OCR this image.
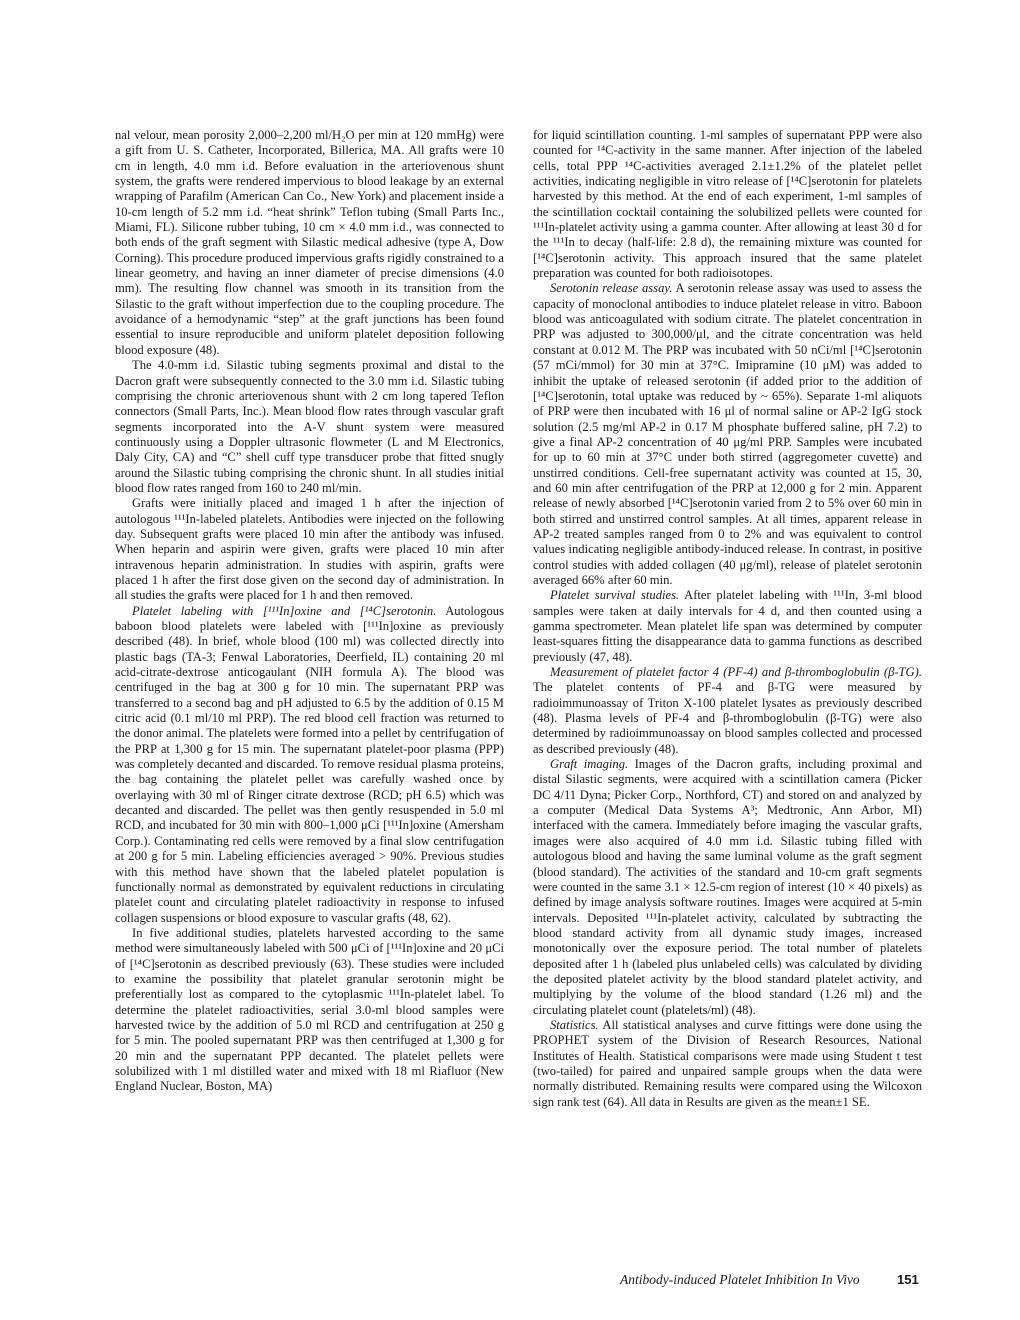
nal velour, mean porosity 2,000–2,200 ml/H₂O per min at 120 mmHg) were a gift from U. S. Catheter, Incorporated, Billerica, MA. All grafts were 10 cm in length, 4.0 mm i.d. Before evaluation in the arteriovenous shunt system, the grafts were rendered impervious to blood leakage by an external wrapping of Parafilm (American Can Co., New York) and placement inside a 10-cm length of 5.2 mm i.d. “heat shrink” Teflon tubing (Small Parts Inc., Miami, FL). Silicone rubber tubing, 10 cm × 4.0 mm i.d., was connected to both ends of the graft segment with Silastic medical adhesive (type A, Dow Corning). This procedure produced impervious grafts rigidly constrained to a linear geometry, and having an inner diameter of precise dimensions (4.0 mm). The resulting flow channel was smooth in its transition from the Silastic to the graft without imperfection due to the coupling procedure. The avoidance of a hemodynamic “step” at the graft junctions has been found essential to insure reproducible and uniform platelet deposition following blood exposure (48).

The 4.0-mm i.d. Silastic tubing segments proximal and distal to the Dacron graft were subsequently connected to the 3.0 mm i.d. Silastic tubing comprising the chronic arteriovenous shunt with 2 cm long tapered Teflon connectors (Small Parts, Inc.). Mean blood flow rates through vascular graft segments incorporated into the A-V shunt system were measured continuously using a Doppler ultrasonic flowmeter (L and M Electronics, Daly City, CA) and “C” shell cuff type transducer probe that fitted snugly around the Silastic tubing comprising the chronic shunt. In all studies initial blood flow rates ranged from 160 to 240 ml/min.

Grafts were initially placed and imaged 1 h after the injection of autologous ¹¹¹In-labeled platelets. Antibodies were injected on the following day. Subsequent grafts were placed 10 min after the antibody was infused. When heparin and aspirin were given, grafts were placed 10 min after intravenous heparin administration. In studies with aspirin, grafts were placed 1 h after the first dose given on the second day of administration. In all studies the grafts were placed for 1 h and then removed.

Platelet labeling with [¹¹¹In]oxine and [¹⁴C]serotonin. Autologous baboon blood platelets were labeled with [¹¹¹In]oxine as previously described (48). In brief, whole blood (100 ml) was collected directly into plastic bags (TA-3; Fenwal Laboratories, Deerfield, IL) containing 20 ml acid-citrate-dextrose anticogaulant (NIH formula A). The blood was centrifuged in the bag at 300 g for 10 min. The supernatant PRP was transferred to a second bag and pH adjusted to 6.5 by the addition of 0.15 M citric acid (0.1 ml/10 ml PRP). The red blood cell fraction was returned to the donor animal. The platelets were formed into a pellet by centrifugation of the PRP at 1,300 g for 15 min. The supernatant platelet-poor plasma (PPP) was completely decanted and discarded. To remove residual plasma proteins, the bag containing the platelet pellet was carefully washed once by overlaying with 30 ml of Ringer citrate dextrose (RCD; pH 6.5) which was decanted and discarded. The pellet was then gently resuspended in 5.0 ml RCD, and incubated for 30 min with 800–1,000 μCi [¹¹¹In]oxine (Amersham Corp.). Contaminating red cells were removed by a final slow centrifugation at 200 g for 5 min. Labeling efficiencies averaged > 90%. Previous studies with this method have shown that the labeled platelet population is functionally normal as demonstrated by equivalent reductions in circulating platelet count and circulating platelet radioactivity in response to infused collagen suspensions or blood exposure to vascular grafts (48, 62).

In five additional studies, platelets harvested according to the same method were simultaneously labeled with 500 μCi of [¹¹¹In]oxine and 20 μCi of [¹⁴C]serotonin as described previously (63). These studies were included to examine the possibility that platelet granular serotonin might be preferentially lost as compared to the cytoplasmic ¹¹¹In-platelet label. To determine the platelet radioactivities, serial 3.0-ml blood samples were harvested twice by the addition of 5.0 ml RCD and centrifugation at 250 g for 5 min. The pooled supernatant PRP was then centrifuged at 1,300 g for 20 min and the supernatant PPP decanted. The platelet pellets were solubilized with 1 ml distilled water and mixed with 18 ml Riafluor (New England Nuclear, Boston, MA)

for liquid scintillation counting. 1-ml samples of supernatant PPP were also counted for ¹⁴C-activity in the same manner. After injection of the labeled cells, total PPP ¹⁴C-activities averaged 2.1±1.2% of the platelet pellet activities, indicating negligible in vitro release of [¹⁴C]serotonin for platelets harvested by this method. At the end of each experiment, 1-ml samples of the scintillation cocktail containing the solubilized pellets were counted for ¹¹¹In-platelet activity using a gamma counter. After allowing at least 30 d for the ¹¹¹In to decay (half-life: 2.8 d), the remaining mixture was counted for [¹⁴C]serotonin activity. This approach insured that the same platelet preparation was counted for both radioisotopes.

Serotonin release assay. A serotonin release assay was used to assess the capacity of monoclonal antibodies to induce platelet release in vitro. Baboon blood was anticoagulated with sodium citrate. The platelet concentration in PRP was adjusted to 300,000/μl, and the citrate concentration was held constant at 0.012 M. The PRP was incubated with 50 nCi/ml [¹⁴C]serotonin (57 mCi/mmol) for 30 min at 37°C. Imipramine (10 μM) was added to inhibit the uptake of released serotonin (if added prior to the addition of [¹⁴C]serotonin, total uptake was reduced by ~ 65%). Separate 1-ml aliquots of PRP were then incubated with 16 μl of normal saline or AP-2 IgG stock solution (2.5 mg/ml AP-2 in 0.17 M phosphate buffered saline, pH 7.2) to give a final AP-2 concentration of 40 μg/ml PRP. Samples were incubated for up to 60 min at 37°C under both stirred (aggregometer cuvette) and unstirred conditions. Cell-free supernatant activity was counted at 15, 30, and 60 min after centrifugation of the PRP at 12,000 g for 2 min. Apparent release of newly absorbed [¹⁴C]serotonin varied from 2 to 5% over 60 min in both stirred and unstirred control samples. At all times, apparent release in AP-2 treated samples ranged from 0 to 2% and was equivalent to control values indicating negligible antibody-induced release. In contrast, in positive control studies with added collagen (40 μg/ml), release of platelet serotonin averaged 66% after 60 min.

Platelet survival studies. After platelet labeling with ¹¹¹In, 3-ml blood samples were taken at daily intervals for 4 d, and then counted using a gamma spectrometer. Mean platelet life span was determined by computer least-squares fitting the disappearance data to gamma functions as described previously (47, 48).

Measurement of platelet factor 4 (PF-4) and β-thromboglobulin (β-TG). The platelet contents of PF-4 and β-TG were measured by radioimmunoassay of Triton X-100 platelet lysates as previously described (48). Plasma levels of PF-4 and β-thromboglobulin (β-TG) were also determined by radioimmunoassay on blood samples collected and processed as described previously (48).

Graft imaging. Images of the Dacron grafts, including proximal and distal Silastic segments, were acquired with a scintillation camera (Picker DC 4/11 Dyna; Picker Corp., Northford, CT) and stored on and analyzed by a computer (Medical Data Systems A³; Medtronic, Ann Arbor, MI) interfaced with the camera. Immediately before imaging the vascular grafts, images were also acquired of 4.0 mm i.d. Silastic tubing filled with autologous blood and having the same luminal volume as the graft segment (blood standard). The activities of the standard and 10-cm graft segments were counted in the same 3.1 × 12.5-cm region of interest (10 × 40 pixels) as defined by image analysis software routines. Images were acquired at 5-min intervals. Deposited ¹¹¹In-platelet activity, calculated by subtracting the blood standard activity from all dynamic study images, increased monotonically over the exposure period. The total number of platelets deposited after 1 h (labeled plus unlabeled cells) was calculated by dividing the deposited platelet activity by the blood standard platelet activity, and multiplying by the volume of the blood standard (1.26 ml) and the circulating platelet count (platelets/ml) (48).

Statistics. All statistical analyses and curve fittings were done using the PROPHET system of the Division of Research Resources, National Institutes of Health. Statistical comparisons were made using Student t test (two-tailed) for paired and unpaired sample groups when the data were normally distributed. Remaining results were compared using the Wilcoxon sign rank test (64). All data in Results are given as the mean±1 SE.

Antibody-induced Platelet Inhibition In Vivo	151
